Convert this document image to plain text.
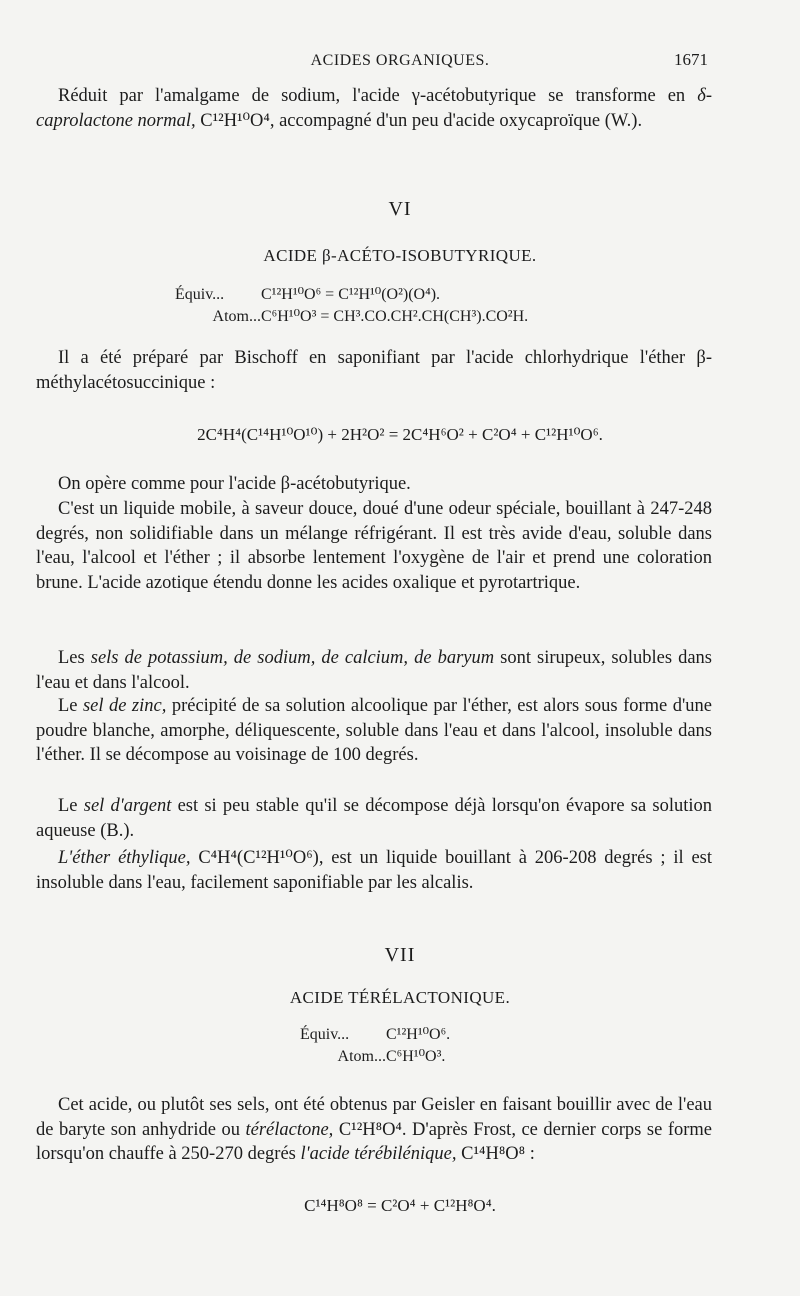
ACIDES ORGANIQUES.	1671

Réduit par l'amalgame de sodium, l'acide γ-acétobutyrique se transforme en δ-caprolactone normal, C¹²H¹⁰O⁴, accompagné d'un peu d'acide oxycaproïque (W.).

VI

ACIDE β-ACÉTO-ISOBUTYRIQUE.

Équiv... C¹²H¹⁰O⁶ = C¹²H¹⁰(O²)(O⁴).
Atom...C⁶H¹⁰O³ = CH³.CO.CH².CH(CH³).CO²H.

Il a été préparé par Bischoff en saponifiant par l'acide chlorhydrique l'éther β-méthylacétosuccinique :

2C⁴H⁴(C¹⁴H¹⁰O¹⁰) + 2H²O² = 2C⁴H⁶O² + C²O⁴ + C¹²H¹⁰O⁶.

On opère comme pour l'acide β-acétobutyrique.

C'est un liquide mobile, à saveur douce, doué d'une odeur spéciale, bouillant à 247-248 degrés, non solidifiable dans un mélange réfrigérant. Il est très avide d'eau, soluble dans l'eau, l'alcool et l'éther ; il absorbe lentement l'oxygène de l'air et prend une coloration brune. L'acide azotique étendu donne les acides oxalique et pyrotartrique.

Les sels de potassium, de sodium, de calcium, de baryum sont sirupeux, solubles dans l'eau et dans l'alcool.

Le sel de zinc, précipité de sa solution alcoolique par l'éther, est alors sous forme d'une poudre blanche, amorphe, déliquescente, soluble dans l'eau et dans l'alcool, insoluble dans l'éther. Il se décompose au voisinage de 100 degrés.

Le sel d'argent est si peu stable qu'il se décompose déjà lorsqu'on évapore sa solution aqueuse (B.).

L'éther éthylique, C⁴H⁴(C¹²H¹⁰O⁶), est un liquide bouillant à 206-208 degrés ; il est insoluble dans l'eau, facilement saponifiable par les alcalis.

VII

ACIDE TÉRÉLACTONIQUE.

Équiv... C¹²H¹⁰O⁶.
Atom...C⁶H¹⁰O³.

Cet acide, ou plutôt ses sels, ont été obtenus par Geisler en faisant bouillir avec de l'eau de baryte son anhydride ou térélactone, C¹²H⁸O⁴. D'après Frost, ce dernier corps se forme lorsqu'on chauffe à 250-270 degrés l'acide térébilénique, C¹⁴H⁸O⁸ :

C¹⁴H⁸O⁸ = C²O⁴ + C¹²H⁸O⁴.
